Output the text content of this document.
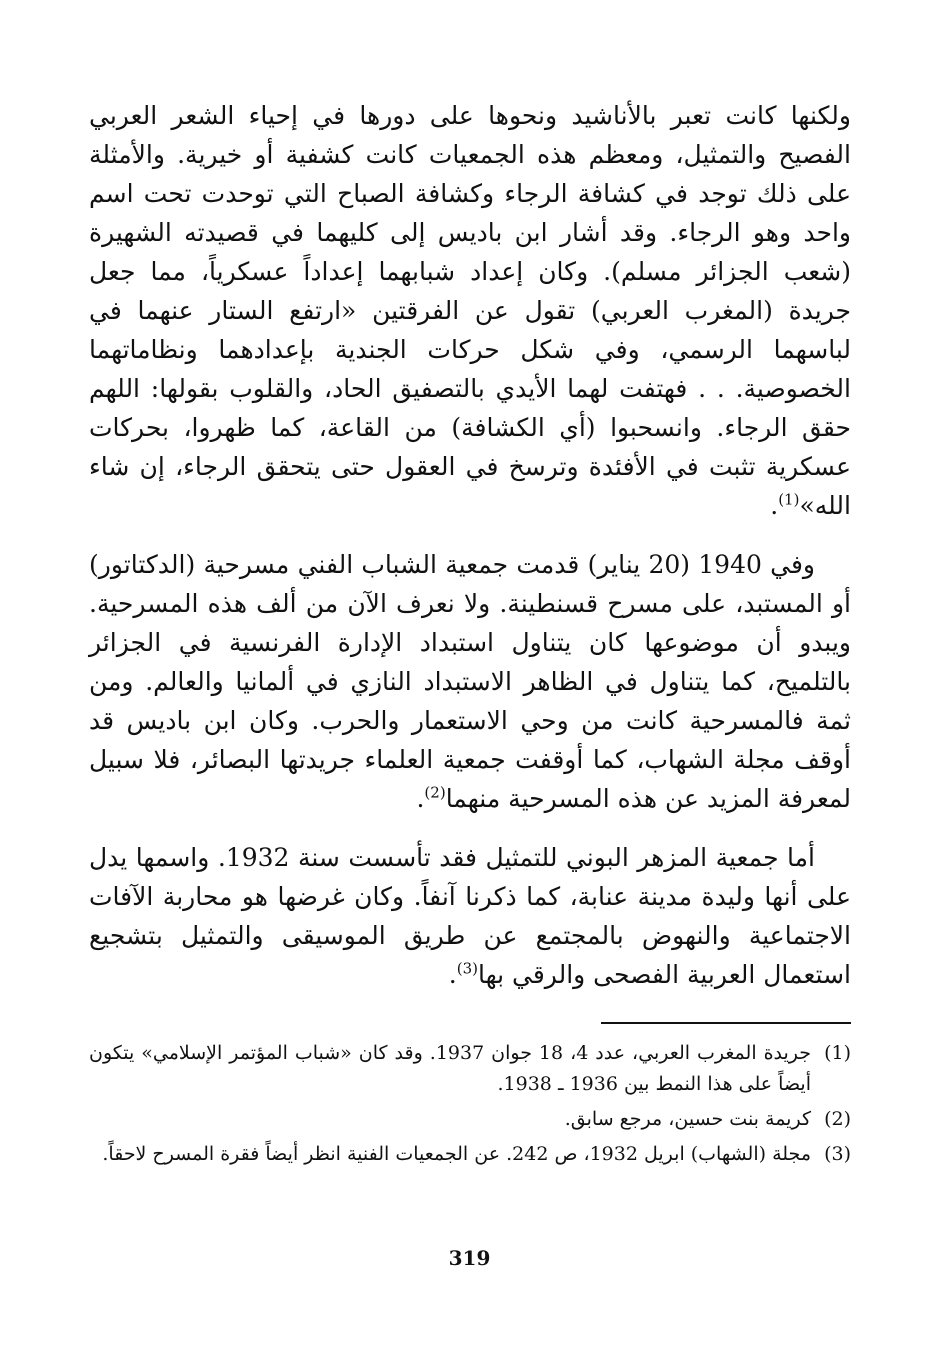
ولكنها كانت تعبر بالأناشيد ونحوها على دورها في إحياء الشعر العربي الفصيح والتمثيل، ومعظم هذه الجمعيات كانت كشفية أو خيرية. والأمثلة على ذلك توجد في كشافة الرجاء وكشافة الصباح التي توحدت تحت اسم واحد وهو الرجاء. وقد أشار ابن باديس إلى كليهما في قصيدته الشهيرة (شعب الجزائر مسلم). وكان إعداد شبابهما إعداداً عسكرياً، مما جعل جريدة (المغرب العربي) تقول عن الفرقتين «ارتفع الستار عنهما في لباسهما الرسمي، وفي شكل حركات الجندية بإعدادهما ونظاماتهما الخصوصية. . . فهتفت لهما الأيدي بالتصفيق الحاد، والقلوب بقولها: اللهم حقق الرجاء. وانسحبوا (أي الكشافة) من القاعة، كما ظهروا، بحركات عسكرية تثبت في الأفئدة وترسخ في العقول حتى يتحقق الرجاء، إن شاء الله»$^{(1)}$.

وفي 1940 (20 يناير) قدمت جمعية الشباب الفني مسرحية (الدكتاتور) أو المستبد، على مسرح قسنطينة. ولا نعرف الآن من ألف هذه المسرحية. ويبدو أن موضوعها كان يتناول استبداد الإدارة الفرنسية في الجزائر بالتلميح، كما يتناول في الظاهر الاستبداد النازي في ألمانيا والعالم. ومن ثمة فالمسرحية كانت من وحي الاستعمار والحرب. وكان ابن باديس قد أوقف مجلة الشهاب، كما أوقفت جمعية العلماء جريدتها البصائر، فلا سبيل لمعرفة المزيد عن هذه المسرحية منهما$^{(2)}$.

أما جمعية المزهر البوني للتمثيل فقد تأسست سنة 1932. واسمها يدل على أنها وليدة مدينة عنابة، كما ذكرنا آنفاً. وكان غرضها هو محاربة الآفات الاجتماعية والنهوض بالمجتمع عن طريق الموسيقى والتمثيل بتشجيع استعمال العربية الفصحى والرقي بها$^{(3)}$.

(1)
جريدة المغرب العربي، عدد 4، 18 جوان 1937. وقد كان «شباب المؤتمر الإسلامي» يتكون أيضاً على هذا النمط بين 1936 ـ 1938.
(2)
كريمة بنت حسين، مرجع سابق.
(3)
مجلة (الشهاب) ابريل 1932، ص 242. عن الجمعيات الفنية انظر أيضاً فقرة المسرح لاحقاً.
319
